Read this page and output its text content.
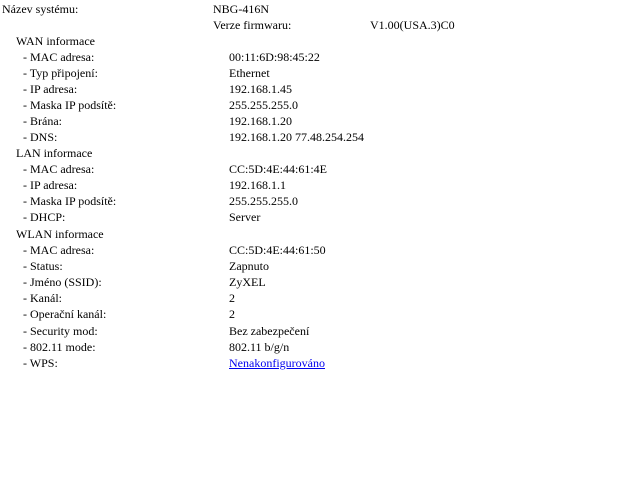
Název systému:	NBG-416N
Verze firmwaru:	V1.00(USA.3)C0
WAN informace
- MAC adresa:	00:11:6D:98:45:22
- Typ připojení:	Ethernet
- IP adresa:	192.168.1.45
- Maska IP podsítě:	255.255.255.0
- Brána:	192.168.1.20
- DNS:	192.168.1.20 77.48.254.254
LAN informace
- MAC adresa:	CC:5D:4E:44:61:4E
- IP adresa:	192.168.1.1
- Maska IP podsítě:	255.255.255.0
- DHCP:	Server
WLAN informace
- MAC adresa:	CC:5D:4E:44:61:50
- Status:	Zapnuto
- Jméno (SSID):	ZyXEL
- Kanál:	2
- Operační kanál:	2
- Security mod:	Bez zabezpečení
- 802.11 mode:	802.11 b/g/n
- WPS:	Nenakonfigurováno
